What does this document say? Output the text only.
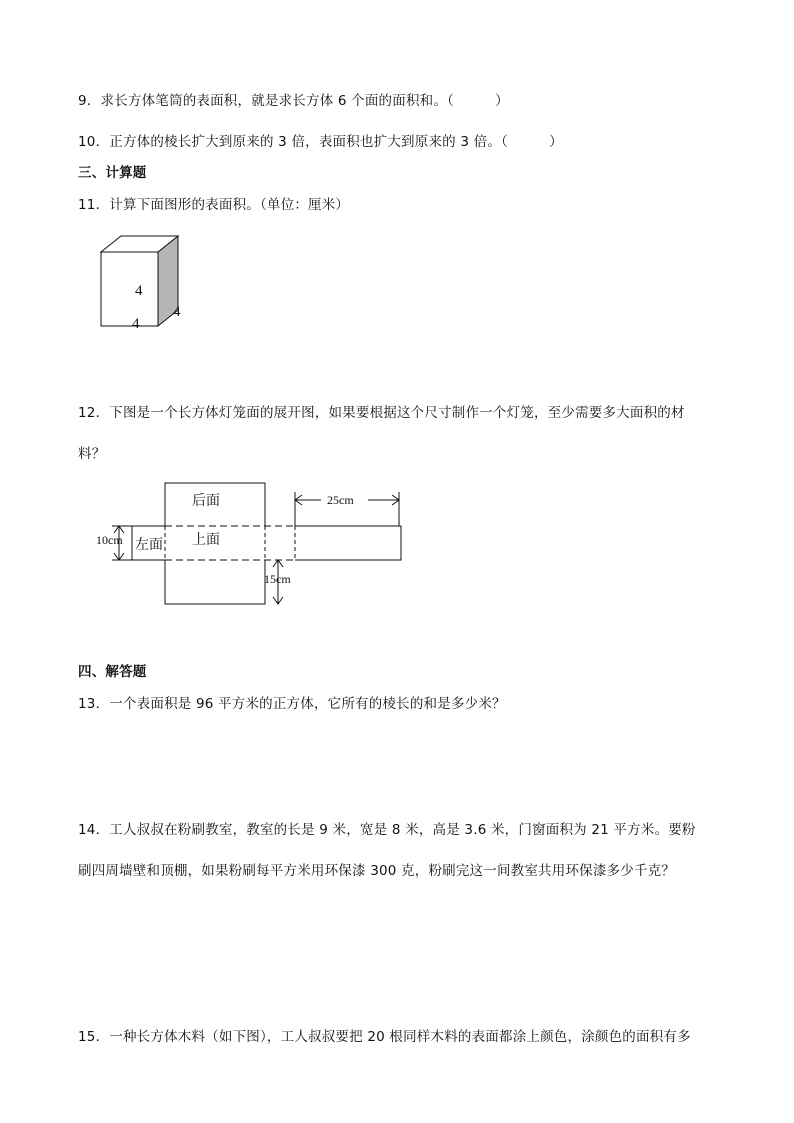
9．求长方体笔筒的表面积，就是求长方体 6 个面的面积和。（　　　）
10．正方体的棱长扩大到原来的 3 倍，表面积也扩大到原来的 3 倍。（　　　）
三、计算题
11．计算下面图形的表面积。（单位：厘米）
4
4
4
12．下图是一个长方体灯笼面的展开图，如果要根据这个尺寸制作一个灯笼，至少需要多大面积的材
料？
后面
上面
左面
10cm
15cm
25cm
四、解答题
13．一个表面积是 96 平方米的正方体，它所有的棱长的和是多少米？
14．工人叔叔在粉刷教室，教室的长是 9 米，宽是 8 米，高是 3.6 米，门窗面积为 21 平方米。要粉
刷四周墙壁和顶棚，如果粉刷每平方米用环保漆 300 克，粉刷完这一间教室共用环保漆多少千克？
15．一种长方体木料（如下图），工人叔叔要把 20 根同样木料的表面都涂上颜色，涂颜色的面积有多
